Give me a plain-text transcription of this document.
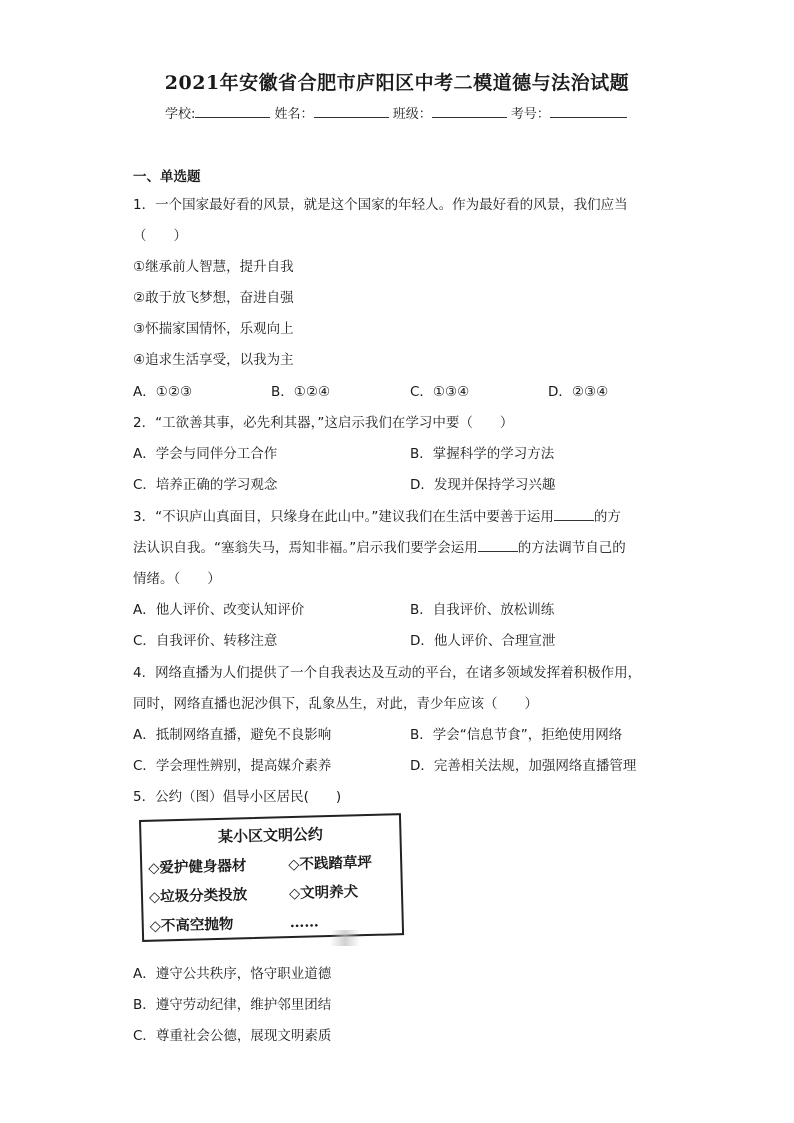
2021年安徽省合肥市庐阳区中考二模道德与法治试题
学校:	姓名：	班级：	考号：
一、单选题
1．一个国家最好看的风景，就是这个国家的年轻人。作为最好看的风景，我们应当
（　　）
①继承前人智慧，提升自我
②敢于放飞梦想，奋进自强
③怀揣家国情怀，乐观向上
④追求生活享受，以我为主
A．①②③	B．①②④	C．①③④	D．②③④
2．“工欲善其事，必先利其器，”这启示我们在学习中要（　　）
A．学会与同伴分工合作	B．掌握科学的学习方法
C．培养正确的学习观念	D．发现并保持学习兴趣
3．“不识庐山真面目，只缘身在此山中。”建议我们在生活中要善于运用	的方
法认识自我。“塞翁失马，焉知非福。”启示我们要学会运用	的方法调节自己的
情绪。（　　）
A．他人评价、改变认知评价	B．自我评价、放松训练
C．自我评价、转移注意	D．他人评价、合理宣泄
4．网络直播为人们提供了一个自我表达及互动的平台，在诸多领域发挥着积极作用，
同时，网络直播也泥沙俱下，乱象丛生，对此，青少年应该（　　）
A．抵制网络直播，避免不良影响	B．学会“信息节食”，拒绝使用网络
C．学会理性辨别，提高媒介素养	D．完善相关法规，加强网络直播管理
5．公约（图）倡导小区居民(　　)
某小区文明公约
◇爱护健身器材	◇不践踏草坪
◇垃圾分类投放	◇文明养犬
◇不高空抛物	……
A．遵守公共秩序，恪守职业道德
B．遵守劳动纪律，维护邻里团结
C．尊重社会公德，展现文明素质
